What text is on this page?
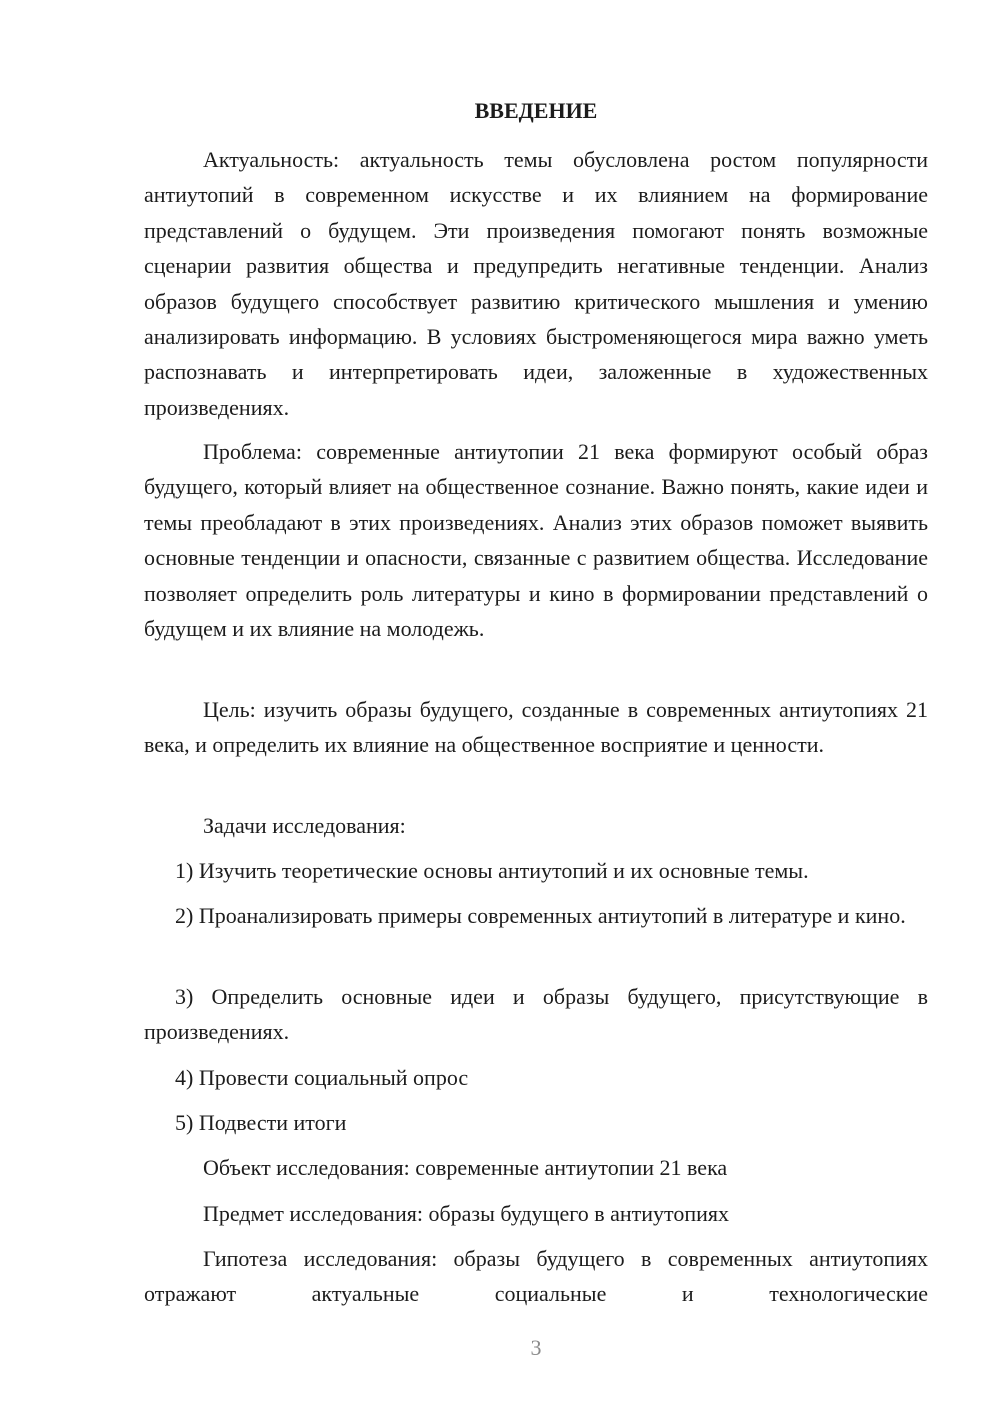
ВВЕДЕНИЕ

Актуальность: актуальность темы обусловлена ростом популярности антиутопий в современном искусстве и их влиянием на формирование представлений о будущем. Эти произведения помогают понять возможные сценарии развития общества и предупредить негативные тенденции. Анализ образов будущего способствует развитию критического мышления и умению анализировать информацию. В условиях быстроменяющегося мира важно уметь распознавать и интерпретировать идеи, заложенные в художественных произведениях.

Проблема: современные антиутопии 21 века формируют особый образ будущего, который влияет на общественное сознание. Важно понять, какие идеи и темы преобладают в этих произведениях. Анализ этих образов поможет выявить основные тенденции и опасности, связанные с развитием общества. Исследование позволяет определить роль литературы и кино в формировании представлений о будущем и их влияние на молодежь.

Цель: изучить образы будущего, созданные в современных антиутопиях 21 века, и определить их влияние на общественное восприятие и ценности.

Задачи исследования:

1) Изучить теоретические основы антиутопий и их основные темы.

2) Проанализировать примеры современных антиутопий в литературе и кино.

3) Определить основные идеи и образы будущего, присутствующие в произведениях.

4) Провести социальный опрос

5) Подвести итоги

Объект исследования: современные антиутопии 21 века

Предмет исследования: образы будущего в антиутопиях

Гипотеза исследования: образы будущего в современных антиутопиях отражают актуальные социальные и технологические

3
